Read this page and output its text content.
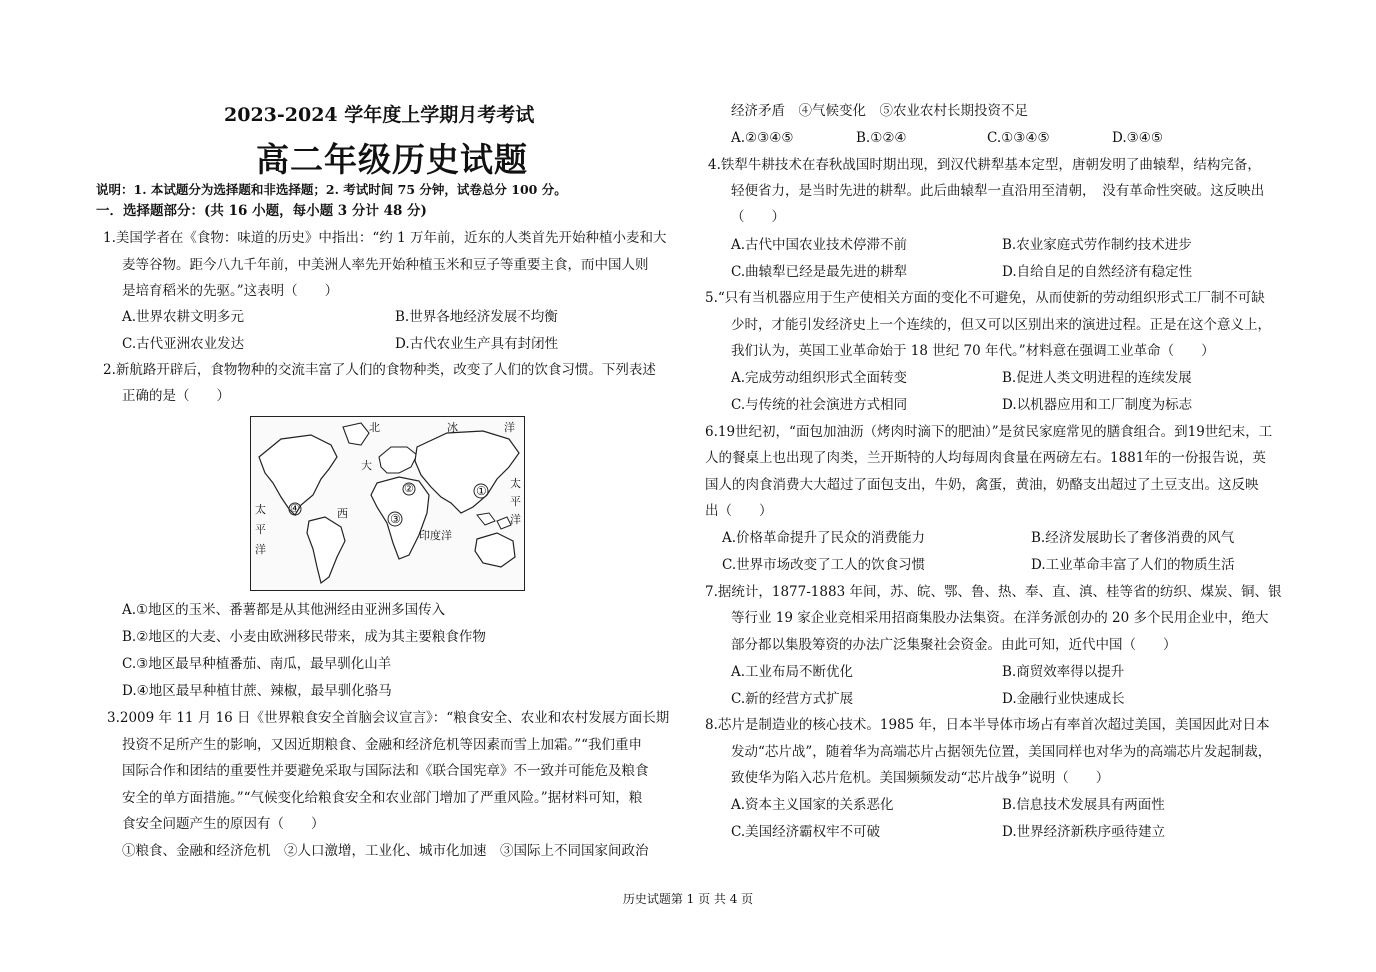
2023-2024 学年度上学期月考考试
高二年级历史试题
说明：1. 本试题分为选择题和非选择题；2. 考试时间 75 分钟，试卷总分 100 分。
一．选择题部分：(共 16 小题，每小题 3 分计 48 分)
1.美国学者在《食物：味道的历史》中指出：“约 1 万年前，近东的人类首先开始种植小麦和大
麦等谷物。距今八九千年前，中美洲人率先开始种植玉米和豆子等重要主食，而中国人则
是培育稻米的先驱。”这表明（　　）
A.世界农耕文明多元	B.世界各地经济发展不均衡
C.古代亚洲农业发达	D.古代农业生产具有封闭性
2.新航路开辟后，食物物种的交流丰富了人们的食物种类，改变了人们的饮食习惯。下列表述
正确的是（　　）
北	冰	洋
大
西
太
平
洋
太
平
洋
印度洋
①
②
③
④
A.①地区的玉米、番薯都是从其他洲经由亚洲多国传入
B.②地区的大麦、小麦由欧洲移民带来，成为其主要粮食作物
C.③地区最早种植番茄、南瓜，最早驯化山羊
D.④地区最早种植甘蔗、辣椒，最早驯化骆马
3.2009 年 11 月 16 日《世界粮食安全首脑会议宣言》：“粮食安全、农业和农村发展方面长期
投资不足所产生的影响，又因近期粮食、金融和经济危机等因素而雪上加霜。”“我们重申
国际合作和团结的重要性并要避免采取与国际法和《联合国宪章》不一致并可能危及粮食
安全的单方面措施。”“气候变化给粮食安全和农业部门增加了严重风险。”据材料可知，粮
食安全问题产生的原因有（　　）
①粮食、金融和经济危机　②人口激增，工业化、城市化加速　③国际上不同国家间政治
经济矛盾　④气候变化　⑤农业农村长期投资不足
A.②③④⑤	B.①②④	C.①③④⑤	D.③④⑤
4.铁犁牛耕技术在春秋战国时期出现，到汉代耕犁基本定型，唐朝发明了曲辕犁，结构完备，
轻便省力，是当时先进的耕犁。此后曲辕犁一直沿用至清朝，　没有革命性突破。这反映出
（　　）
A.古代中国农业技术停滞不前	B.农业家庭式劳作制约技术进步
C.曲辕犁已经是最先进的耕犁	D.自给自足的自然经济有稳定性
5.“只有当机器应用于生产使相关方面的变化不可避免，从而使新的劳动组织形式工厂制不可缺
少时，才能引发经济史上一个连续的，但又可以区别出来的演进过程。正是在这个意义上，
我们认为，英国工业革命始于 18 世纪 70 年代。”材料意在强调工业革命（　　）
A.完成劳动组织形式全面转变	B.促进人类文明进程的连续发展
C.与传统的社会演进方式相同	D.以机器应用和工厂制度为标志
6.19世纪初，“面包加油沥（烤肉时滴下的肥油）”是贫民家庭常见的膳食组合。到19世纪末，工
人的餐桌上也出现了肉类，兰开斯特的人均每周肉食量在两磅左右。1881年的一份报告说，英
国人的肉食消费大大超过了面包支出，牛奶，禽蛋，黄油，奶酪支出超过了土豆支出。这反映
出（　　）
A.价格革命提升了民众的消费能力	B.经济发展助长了奢侈消费的风气
C.世界市场改变了工人的饮食习惯	D.工业革命丰富了人们的物质生活
7.据统计，1877-1883 年间，苏、皖、鄂、鲁、热、奉、直、滇、桂等省的纺织、煤炭、铜、银
等行业 19 家企业竞相采用招商集股办法集资。在洋务派创办的 20 多个民用企业中，绝大
部分都以集股筹资的办法广泛集聚社会资金。由此可知，近代中国（　　）
A.工业布局不断优化	B.商贸效率得以提升
C.新的经营方式扩展	D.金融行业快速成长
8.芯片是制造业的核心技术。1985 年，日本半导体市场占有率首次超过美国，美国因此对日本
发动“芯片战”，随着华为高端芯片占据领先位置，美国同样也对华为的高端芯片发起制裁，
致使华为陷入芯片危机。美国频频发动“芯片战争”说明（　　）
A.资本主义国家的关系恶化	B.信息技术发展具有两面性
C.美国经济霸权牢不可破	D.世界经济新秩序亟待建立
历史试题第 1 页 共 4 页
